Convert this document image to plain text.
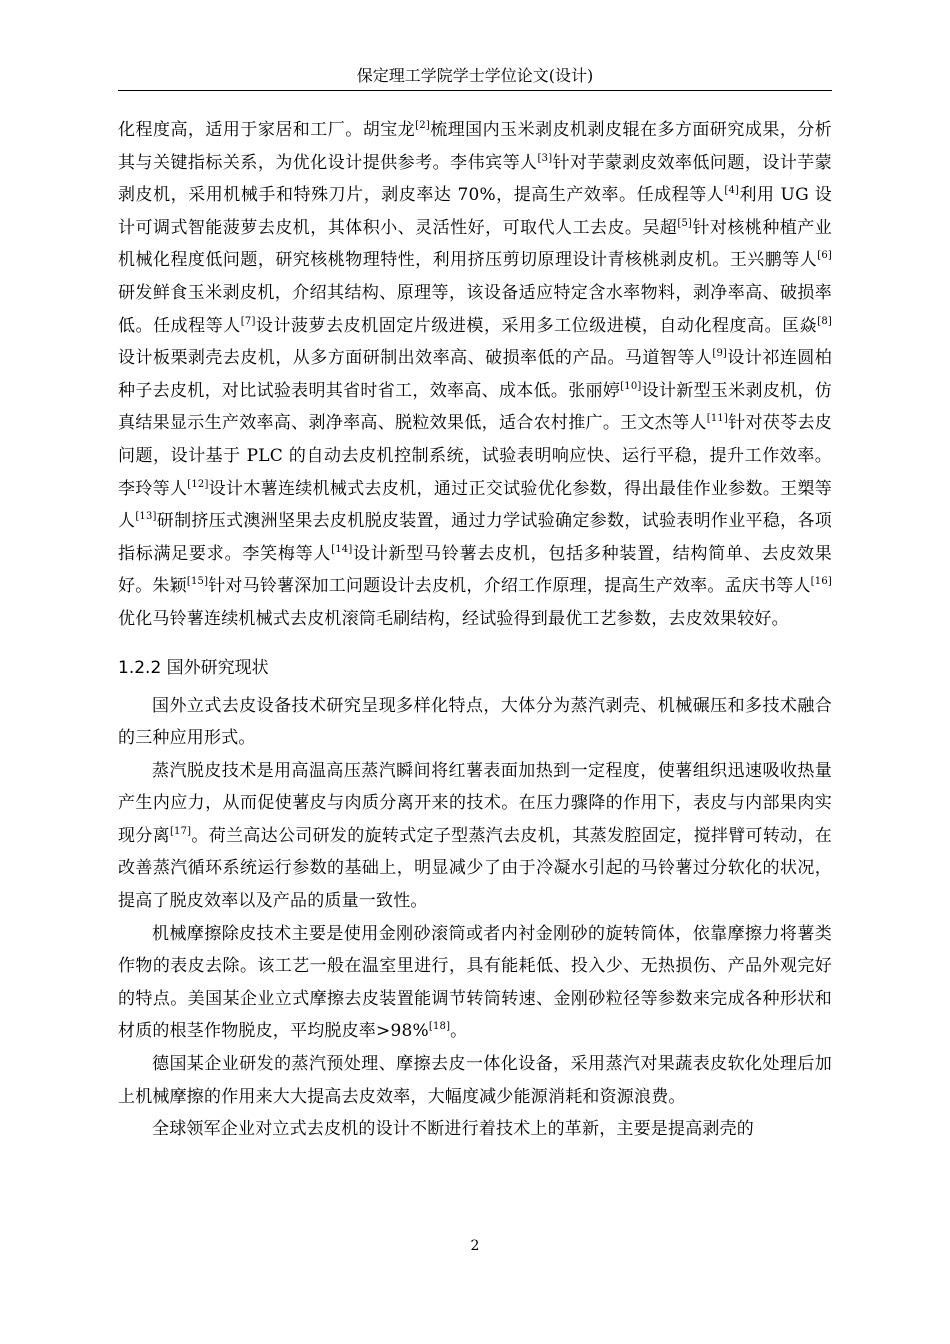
保定理工学院学士学位论文(设计)

化程度高，适用于家居和工厂。胡宝龙[2]梳理国内玉米剥皮机剥皮辊在多方面研究成果，分析其与关键指标关系，为优化设计提供参考。李伟宾等人[3]针对芋蒙剥皮效率低问题，设计芋蒙剥皮机，采用机械手和特殊刀片，剥皮率达 70%，提高生产效率。任成程等人[4]利用 UG 设计可调式智能菠萝去皮机，其体积小、灵活性好，可取代人工去皮。吴超[5]针对核桃种植产业机械化程度低问题，研究核桃物理特性，利用挤压剪切原理设计青核桃剥皮机。王兴鹏等人[6]研发鲜食玉米剥皮机，介绍其结构、原理等，该设备适应特定含水率物料，剥净率高、破损率低。任成程等人[7]设计菠萝去皮机固定片级进模，采用多工位级进模，自动化程度高。匡焱[8]设计板栗剥壳去皮机，从多方面研制出效率高、破损率低的产品。马道智等人[9]设计祁连圆柏种子去皮机，对比试验表明其省时省工，效率高、成本低。张丽婷[10]设计新型玉米剥皮机，仿真结果显示生产效率高、剥净率高、脱粒效果低，适合农村推广。王文杰等人[11]针对茯苓去皮问题，设计基于 PLC 的自动去皮机控制系统，试验表明响应快、运行平稳，提升工作效率。李玲等人[12]设计木薯连续机械式去皮机，通过正交试验优化参数，得出最佳作业参数。王槊等人[13]研制挤压式澳洲坚果去皮机脱皮装置，通过力学试验确定参数，试验表明作业平稳，各项指标满足要求。李笑梅等人[14]设计新型马铃薯去皮机，包括多种装置，结构简单、去皮效果好。朱颖[15]针对马铃薯深加工问题设计去皮机，介绍工作原理，提高生产效率。孟庆书等人[16]优化马铃薯连续机械式去皮机滚筒毛刷结构，经试验得到最优工艺参数，去皮效果较好。

1.2.2 国外研究现状

国外立式去皮设备技术研究呈现多样化特点，大体分为蒸汽剥壳、机械碾压和多技术融合的三种应用形式。

蒸汽脱皮技术是用高温高压蒸汽瞬间将红薯表面加热到一定程度，使薯组织迅速吸收热量产生内应力，从而促使薯皮与肉质分离开来的技术。在压力骤降的作用下，表皮与内部果肉实现分离[17]。荷兰高达公司研发的旋转式定子型蒸汽去皮机，其蒸发腔固定，搅拌臂可转动，在改善蒸汽循环系统运行参数的基础上，明显减少了由于冷凝水引起的马铃薯过分软化的状况，提高了脱皮效率以及产品的质量一致性。

机械摩擦除皮技术主要是使用金刚砂滚筒或者内衬金刚砂的旋转筒体，依靠摩擦力将薯类作物的表皮去除。该工艺一般在温室里进行，具有能耗低、投入少、无热损伤、产品外观完好的特点。美国某企业立式摩擦去皮装置能调节转筒转速、金刚砂粒径等参数来完成各种形状和材质的根茎作物脱皮，平均脱皮率>98%[18]。

德国某企业研发的蒸汽预处理、摩擦去皮一体化设备，采用蒸汽对果蔬表皮软化处理后加上机械摩擦的作用来大大提高去皮效率，大幅度减少能源消耗和资源浪费。

全球领军企业对立式去皮机的设计不断进行着技术上的革新，主要是提高剥壳的

2
